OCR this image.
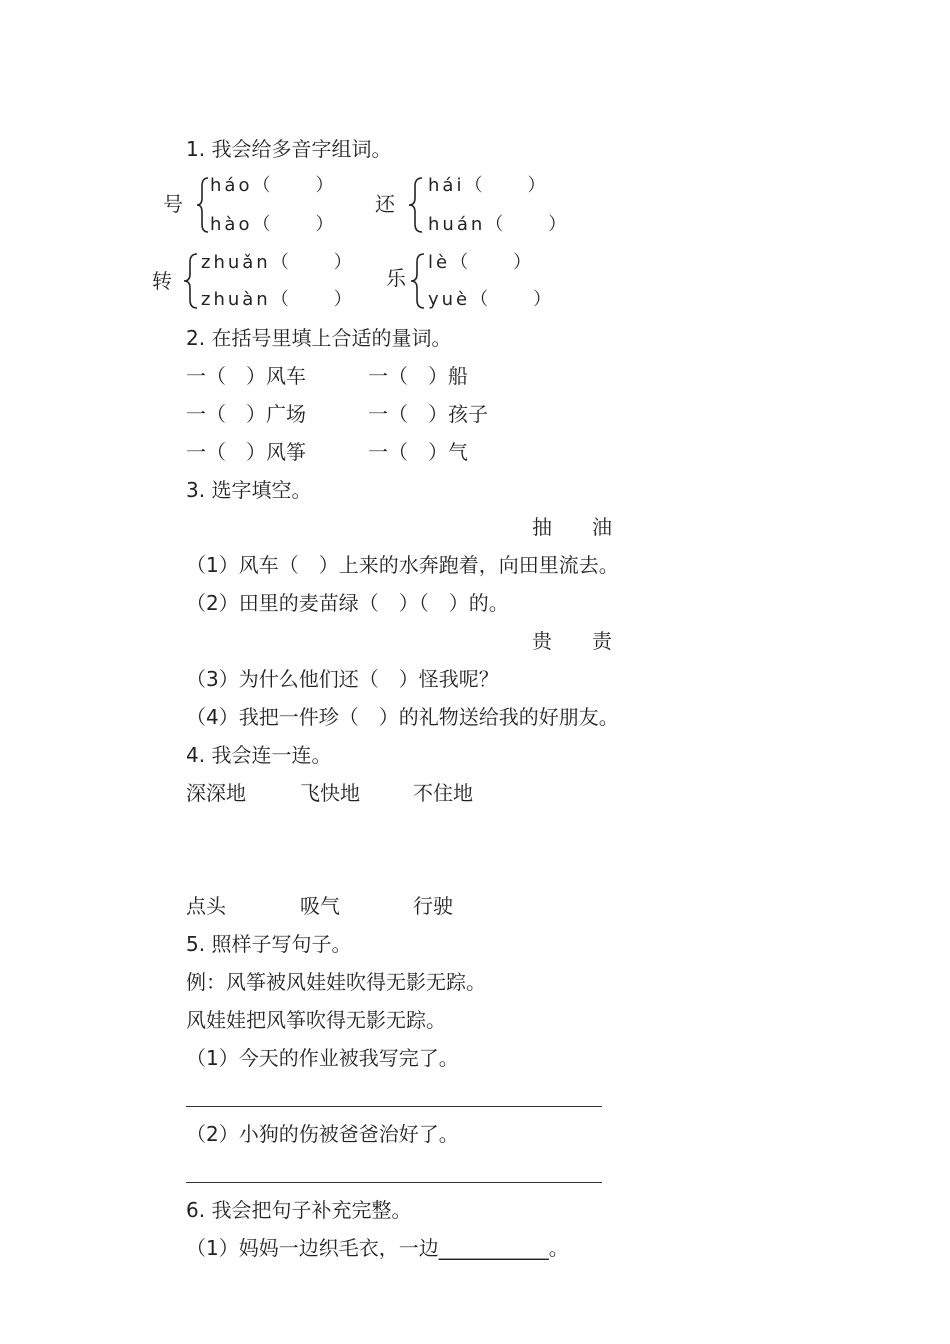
1. 我会给多音字组词。
号
háo（　　）
hào（　　）
还
hái（　　）
huán（　　）
转
zhuǎn（　　）
zhuàn（　　）
乐
lè（　　）
yuè（　　）
2. 在括号里填上合适的量词。
一（　）风车	一（　）船
一（　）广场	一（　）孩子
一（　）风筝	一（　）气
3. 选字填空。
抽　　油
（1）风车（　）上来的水奔跑着，向田里流去。
（2）田里的麦苗绿（　）（　）的。
贵　　责
（3）为什么他们还（　）怪我呢？
（4）我把一件珍（　）的礼物送给我的好朋友。
4. 我会连一连。
深深地	飞快地	不住地
点头	吸气	行驶
5. 照样子写句子。
例：风筝被风娃娃吹得无影无踪。
风娃娃把风筝吹得无影无踪。
（1）今天的作业被我写完了。
（2）小狗的伤被爸爸治好了。
6. 我会把句子补充完整。
（1）妈妈一边织毛衣，一边___________。
